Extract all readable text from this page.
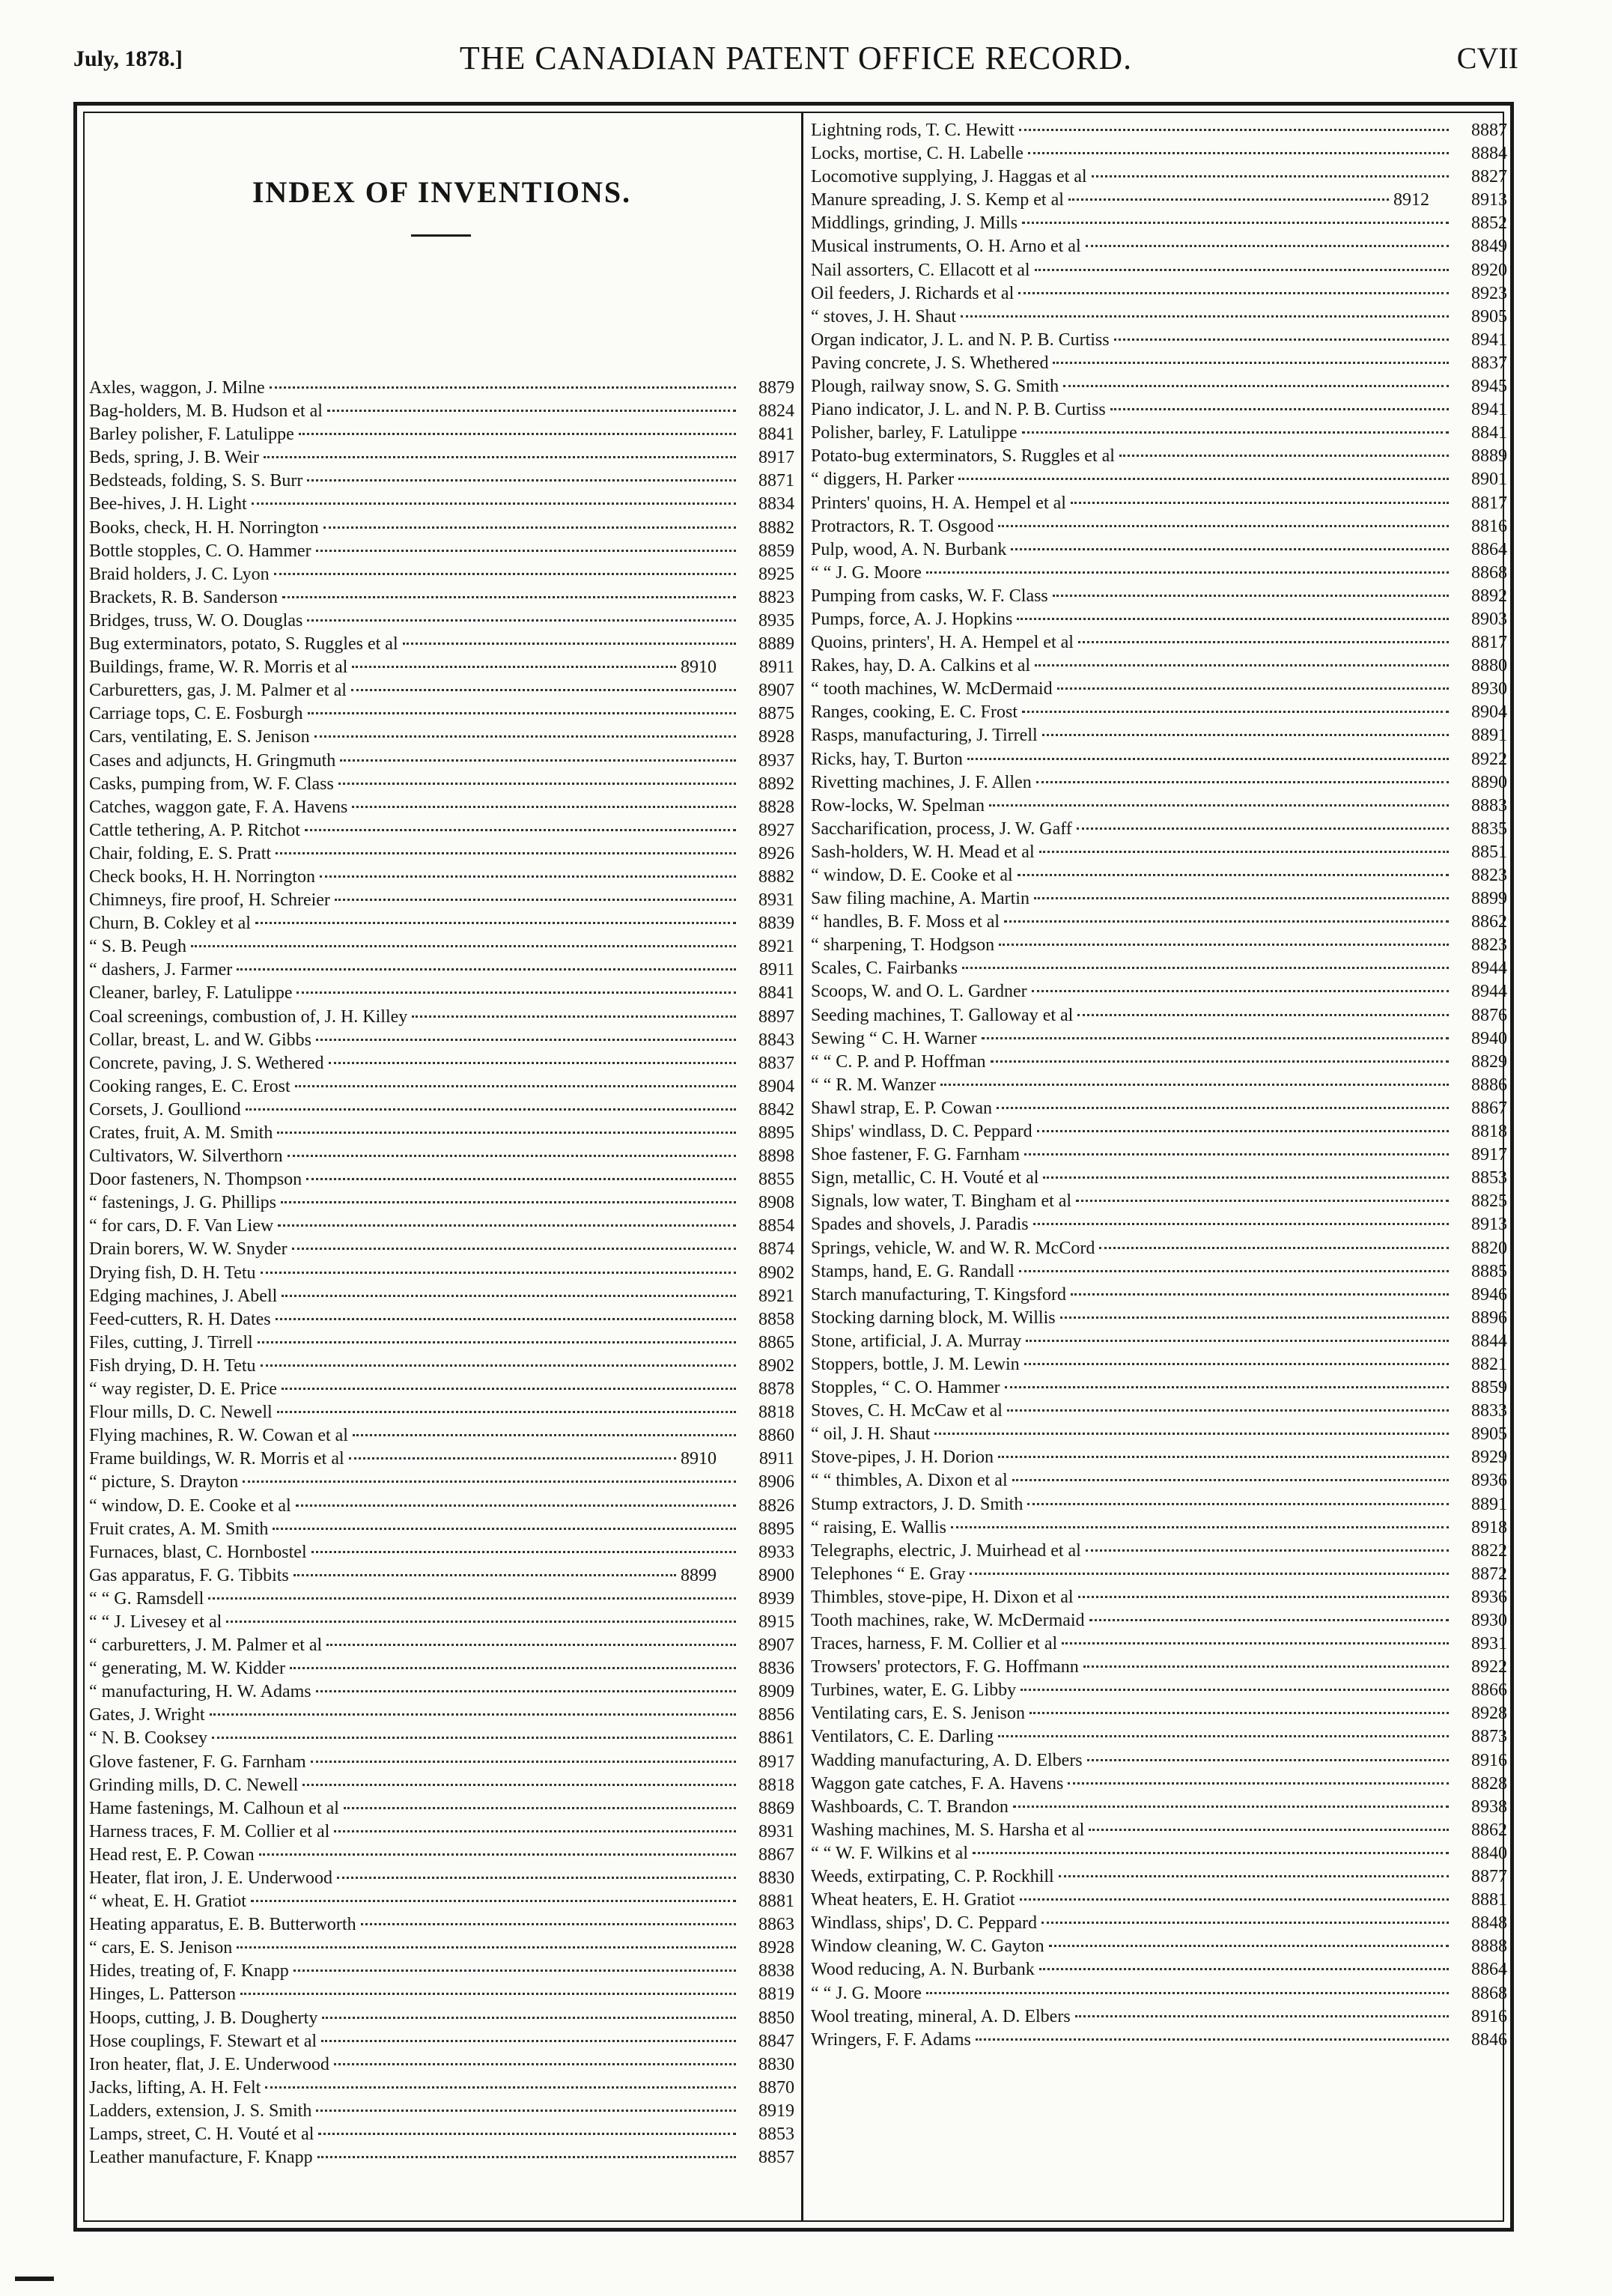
July, 1878.]	THE CANADIAN PATENT OFFICE RECORD.	CVII
INDEX OF INVENTIONS.
Axles, waggon, J. Milne	8879
Bag-holders, M. B. Hudson et al	8824
Barley polisher, F. Latulippe	8841
Beds, spring, J. B. Weir	8917
Bedsteads, folding, S. S. Burr	8871
Bee-hives, J. H. Light	8834
Books, check, H. H. Norrington	8882
Bottle stopples, C. O. Hammer	8859
Braid holders, J. C. Lyon	8925
Brackets, R. B. Sanderson	8823
Bridges, truss, W. O. Douglas	8935
Bug exterminators, potato, S. Ruggles et al	8889
Buildings, frame, W. R. Morris et al	8910	8911
Carburetters, gas, J. M. Palmer et al	8907
Carriage tops, C. E. Fosburgh	8875
Cars, ventilating, E. S. Jenison	8928
Cases and adjuncts, H. Gringmuth	8937
Casks, pumping from, W. F. Class	8892
Catches, waggon gate, F. A. Havens	8828
Cattle tethering, A. P. Ritchot	8927
Chair, folding, E. S. Pratt	8926
Check books, H. H. Norrington	8882
Chimneys, fire proof, H. Schreier	8931
Churn, B. Cokley et al	8839
“ S. B. Peugh	8921
“ dashers, J. Farmer	8911
Cleaner, barley, F. Latulippe	8841
Coal screenings, combustion of, J. H. Killey	8897
Collar, breast, L. and W. Gibbs	8843
Concrete, paving, J. S. Wethered	8837
Cooking ranges, E. C. Erost	8904
Corsets, J. Goulliond	8842
Crates, fruit, A. M. Smith	8895
Cultivators, W. Silverthorn	8898
Door fasteners, N. Thompson	8855
“ fastenings, J. G. Phillips	8908
“ for cars, D. F. Van Liew	8854
Drain borers, W. W. Snyder	8874
Drying fish, D. H. Tetu	8902
Edging machines, J. Abell	8921
Feed-cutters, R. H. Dates	8858
Files, cutting, J. Tirrell	8865
Fish drying, D. H. Tetu	8902
“ way register, D. E. Price	8878
Flour mills, D. C. Newell	8818
Flying machines, R. W. Cowan et al	8860
Frame buildings, W. R. Morris et al	8910	8911
“ picture, S. Drayton	8906
“ window, D. E. Cooke et al	8826
Fruit crates, A. M. Smith	8895
Furnaces, blast, C. Hornbostel	8933
Gas apparatus, F. G. Tibbits	8899	8900
“ “ G. Ramsdell	8939
“ “ J. Livesey et al	8915
“ carburetters, J. M. Palmer et al	8907
“ generating, M. W. Kidder	8836
“ manufacturing, H. W. Adams	8909
Gates, J. Wright	8856
“ N. B. Cooksey	8861
Glove fastener, F. G. Farnham	8917
Grinding mills, D. C. Newell	8818
Hame fastenings, M. Calhoun et al	8869
Harness traces, F. M. Collier et al	8931
Head rest, E. P. Cowan	8867
Heater, flat iron, J. E. Underwood	8830
“ wheat, E. H. Gratiot	8881
Heating apparatus, E. B. Butterworth	8863
“ cars, E. S. Jenison	8928
Hides, treating of, F. Knapp	8838
Hinges, L. Patterson	8819
Hoops, cutting, J. B. Dougherty	8850
Hose couplings, F. Stewart et al	8847
Iron heater, flat, J. E. Underwood	8830
Jacks, lifting, A. H. Felt	8870
Ladders, extension, J. S. Smith	8919
Lamps, street, C. H. Vouté et al	8853
Leather manufacture, F. Knapp	8857
Lightning rods, T. C. Hewitt	8887
Locks, mortise, C. H. Labelle	8884
Locomotive supplying, J. Haggas et al	8827
Manure spreading, J. S. Kemp et al	8912	8913
Middlings, grinding, J. Mills	8852
Musical instruments, O. H. Arno et al	8849
Nail assorters, C. Ellacott et al	8920
Oil feeders, J. Richards et al	8923
“ stoves, J. H. Shaut	8905
Organ indicator, J. L. and N. P. B. Curtiss	8941
Paving concrete, J. S. Whethered	8837
Plough, railway snow, S. G. Smith	8945
Piano indicator, J. L. and N. P. B. Curtiss	8941
Polisher, barley, F. Latulippe	8841
Potato-bug exterminators, S. Ruggles et al	8889
“ diggers, H. Parker	8901
Printers' quoins, H. A. Hempel et al	8817
Protractors, R. T. Osgood	8816
Pulp, wood, A. N. Burbank	8864
“ “ J. G. Moore	8868
Pumping from casks, W. F. Class	8892
Pumps, force, A. J. Hopkins	8903
Quoins, printers', H. A. Hempel et al	8817
Rakes, hay, D. A. Calkins et al	8880
“ tooth machines, W. McDermaid	8930
Ranges, cooking, E. C. Frost	8904
Rasps, manufacturing, J. Tirrell	8891
Ricks, hay, T. Burton	8922
Rivetting machines, J. F. Allen	8890
Row-locks, W. Spelman	8883
Saccharification, process, J. W. Gaff	8835
Sash-holders, W. H. Mead et al	8851
“ window, D. E. Cooke et al	8823
Saw filing machine, A. Martin	8899
“ handles, B. F. Moss et al	8862
“ sharpening, T. Hodgson	8823
Scales, C. Fairbanks	8944
Scoops, W. and O. L. Gardner	8944
Seeding machines, T. Galloway et al	8876
Sewing “ C. H. Warner	8940
“ “ C. P. and P. Hoffman	8829
“ “ R. M. Wanzer	8886
Shawl strap, E. P. Cowan	8867
Ships' windlass, D. C. Peppard	8818
Shoe fastener, F. G. Farnham	8917
Sign, metallic, C. H. Vouté et al	8853
Signals, low water, T. Bingham et al	8825
Spades and shovels, J. Paradis	8913
Springs, vehicle, W. and W. R. McCord	8820
Stamps, hand, E. G. Randall	8885
Starch manufacturing, T. Kingsford	8946
Stocking darning block, M. Willis	8896
Stone, artificial, J. A. Murray	8844
Stoppers, bottle, J. M. Lewin	8821
Stopples, “ C. O. Hammer	8859
Stoves, C. H. McCaw et al	8833
“ oil, J. H. Shaut	8905
Stove-pipes, J. H. Dorion	8929
“ “ thimbles, A. Dixon et al	8936
Stump extractors, J. D. Smith	8891
“ raising, E. Wallis	8918
Telegraphs, electric, J. Muirhead et al	8822
Telephones “ E. Gray	8872
Thimbles, stove-pipe, H. Dixon et al	8936
Tooth machines, rake, W. McDermaid	8930
Traces, harness, F. M. Collier et al	8931
Trowsers' protectors, F. G. Hoffmann	8922
Turbines, water, E. G. Libby	8866
Ventilating cars, E. S. Jenison	8928
Ventilators, C. E. Darling	8873
Wadding manufacturing, A. D. Elbers	8916
Waggon gate catches, F. A. Havens	8828
Washboards, C. T. Brandon	8938
Washing machines, M. S. Harsha et al	8862
“ “ W. F. Wilkins et al	8840
Weeds, extirpating, C. P. Rockhill	8877
Wheat heaters, E. H. Gratiot	8881
Windlass, ships', D. C. Peppard	8848
Window cleaning, W. C. Gayton	8888
Wood reducing, A. N. Burbank	8864
“ “ J. G. Moore	8868
Wool treating, mineral, A. D. Elbers	8916
Wringers, F. F. Adams	8846
